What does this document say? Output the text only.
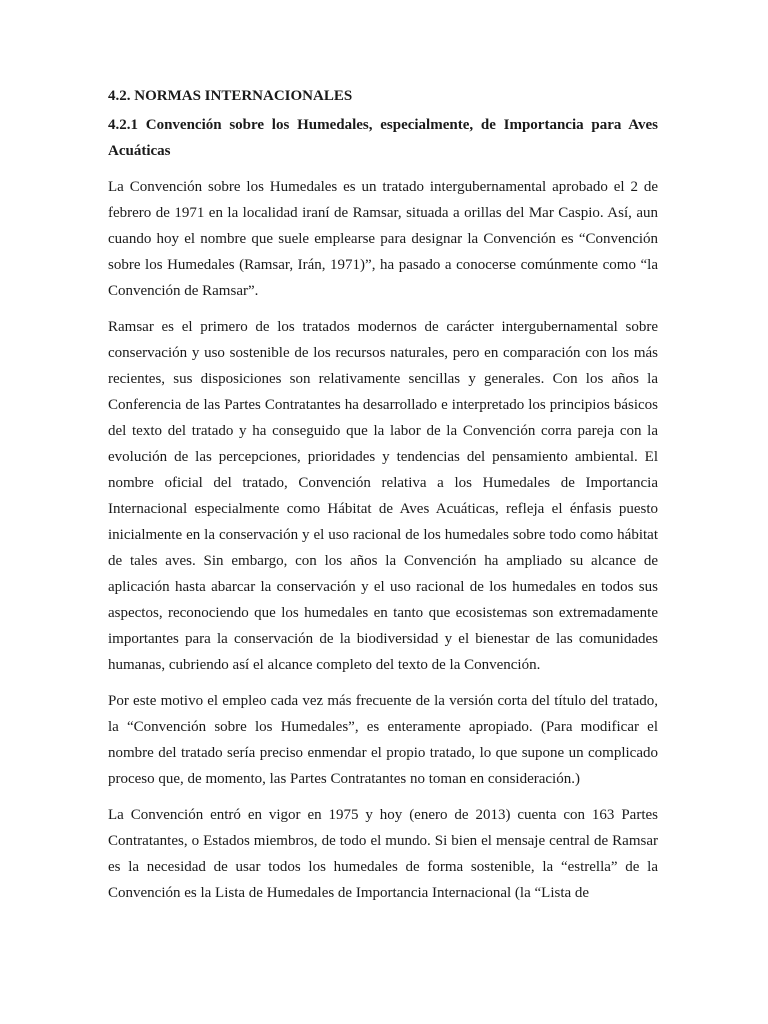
4.2. NORMAS INTERNACIONALES
4.2.1 Convención sobre los Humedales, especialmente, de Importancia para Aves Acuáticas

La Convención sobre los Humedales es un tratado intergubernamental aprobado el 2 de febrero de 1971 en la localidad iraní de Ramsar, situada a orillas del Mar Caspio. Así, aun cuando hoy el nombre que suele emplearse para designar la Convención es “Convención sobre los Humedales (Ramsar, Irán, 1971)”, ha pasado a conocerse comúnmente como “la Convención de Ramsar”.

Ramsar es el primero de los tratados modernos de carácter intergubernamental sobre conservación y uso sostenible de los recursos naturales, pero en comparación con los más recientes, sus disposiciones son relativamente sencillas y generales. Con los años la Conferencia de las Partes Contratantes ha desarrollado e interpretado los principios básicos del texto del tratado y ha conseguido que la labor de la Convención corra pareja con la evolución de las percepciones, prioridades y tendencias del pensamiento ambiental. El nombre oficial del tratado, Convención relativa a los Humedales de Importancia Internacional especialmente como Hábitat de Aves Acuáticas, refleja el énfasis puesto inicialmente en la conservación y el uso racional de los humedales sobre todo como hábitat de tales aves. Sin embargo, con los años la Convención ha ampliado su alcance de aplicación hasta abarcar la conservación y el uso racional de los humedales en todos sus aspectos, reconociendo que los humedales en tanto que ecosistemas son extremadamente importantes para la conservación de la biodiversidad y el bienestar de las comunidades humanas, cubriendo así el alcance completo del texto de la Convención.

Por este motivo el empleo cada vez más frecuente de la versión corta del título del tratado, la “Convención sobre los Humedales”, es enteramente apropiado. (Para modificar el nombre del tratado sería preciso enmendar el propio tratado, lo que supone un complicado proceso que, de momento, las Partes Contratantes no toman en consideración.)

La Convención entró en vigor en 1975 y hoy (enero de 2013) cuenta con 163 Partes Contratantes, o Estados miembros, de todo el mundo. Si bien el mensaje central de Ramsar es la necesidad de usar todos los humedales de forma sostenible, la “estrella” de la Convención es la Lista de Humedales de Importancia Internacional (la “Lista de
